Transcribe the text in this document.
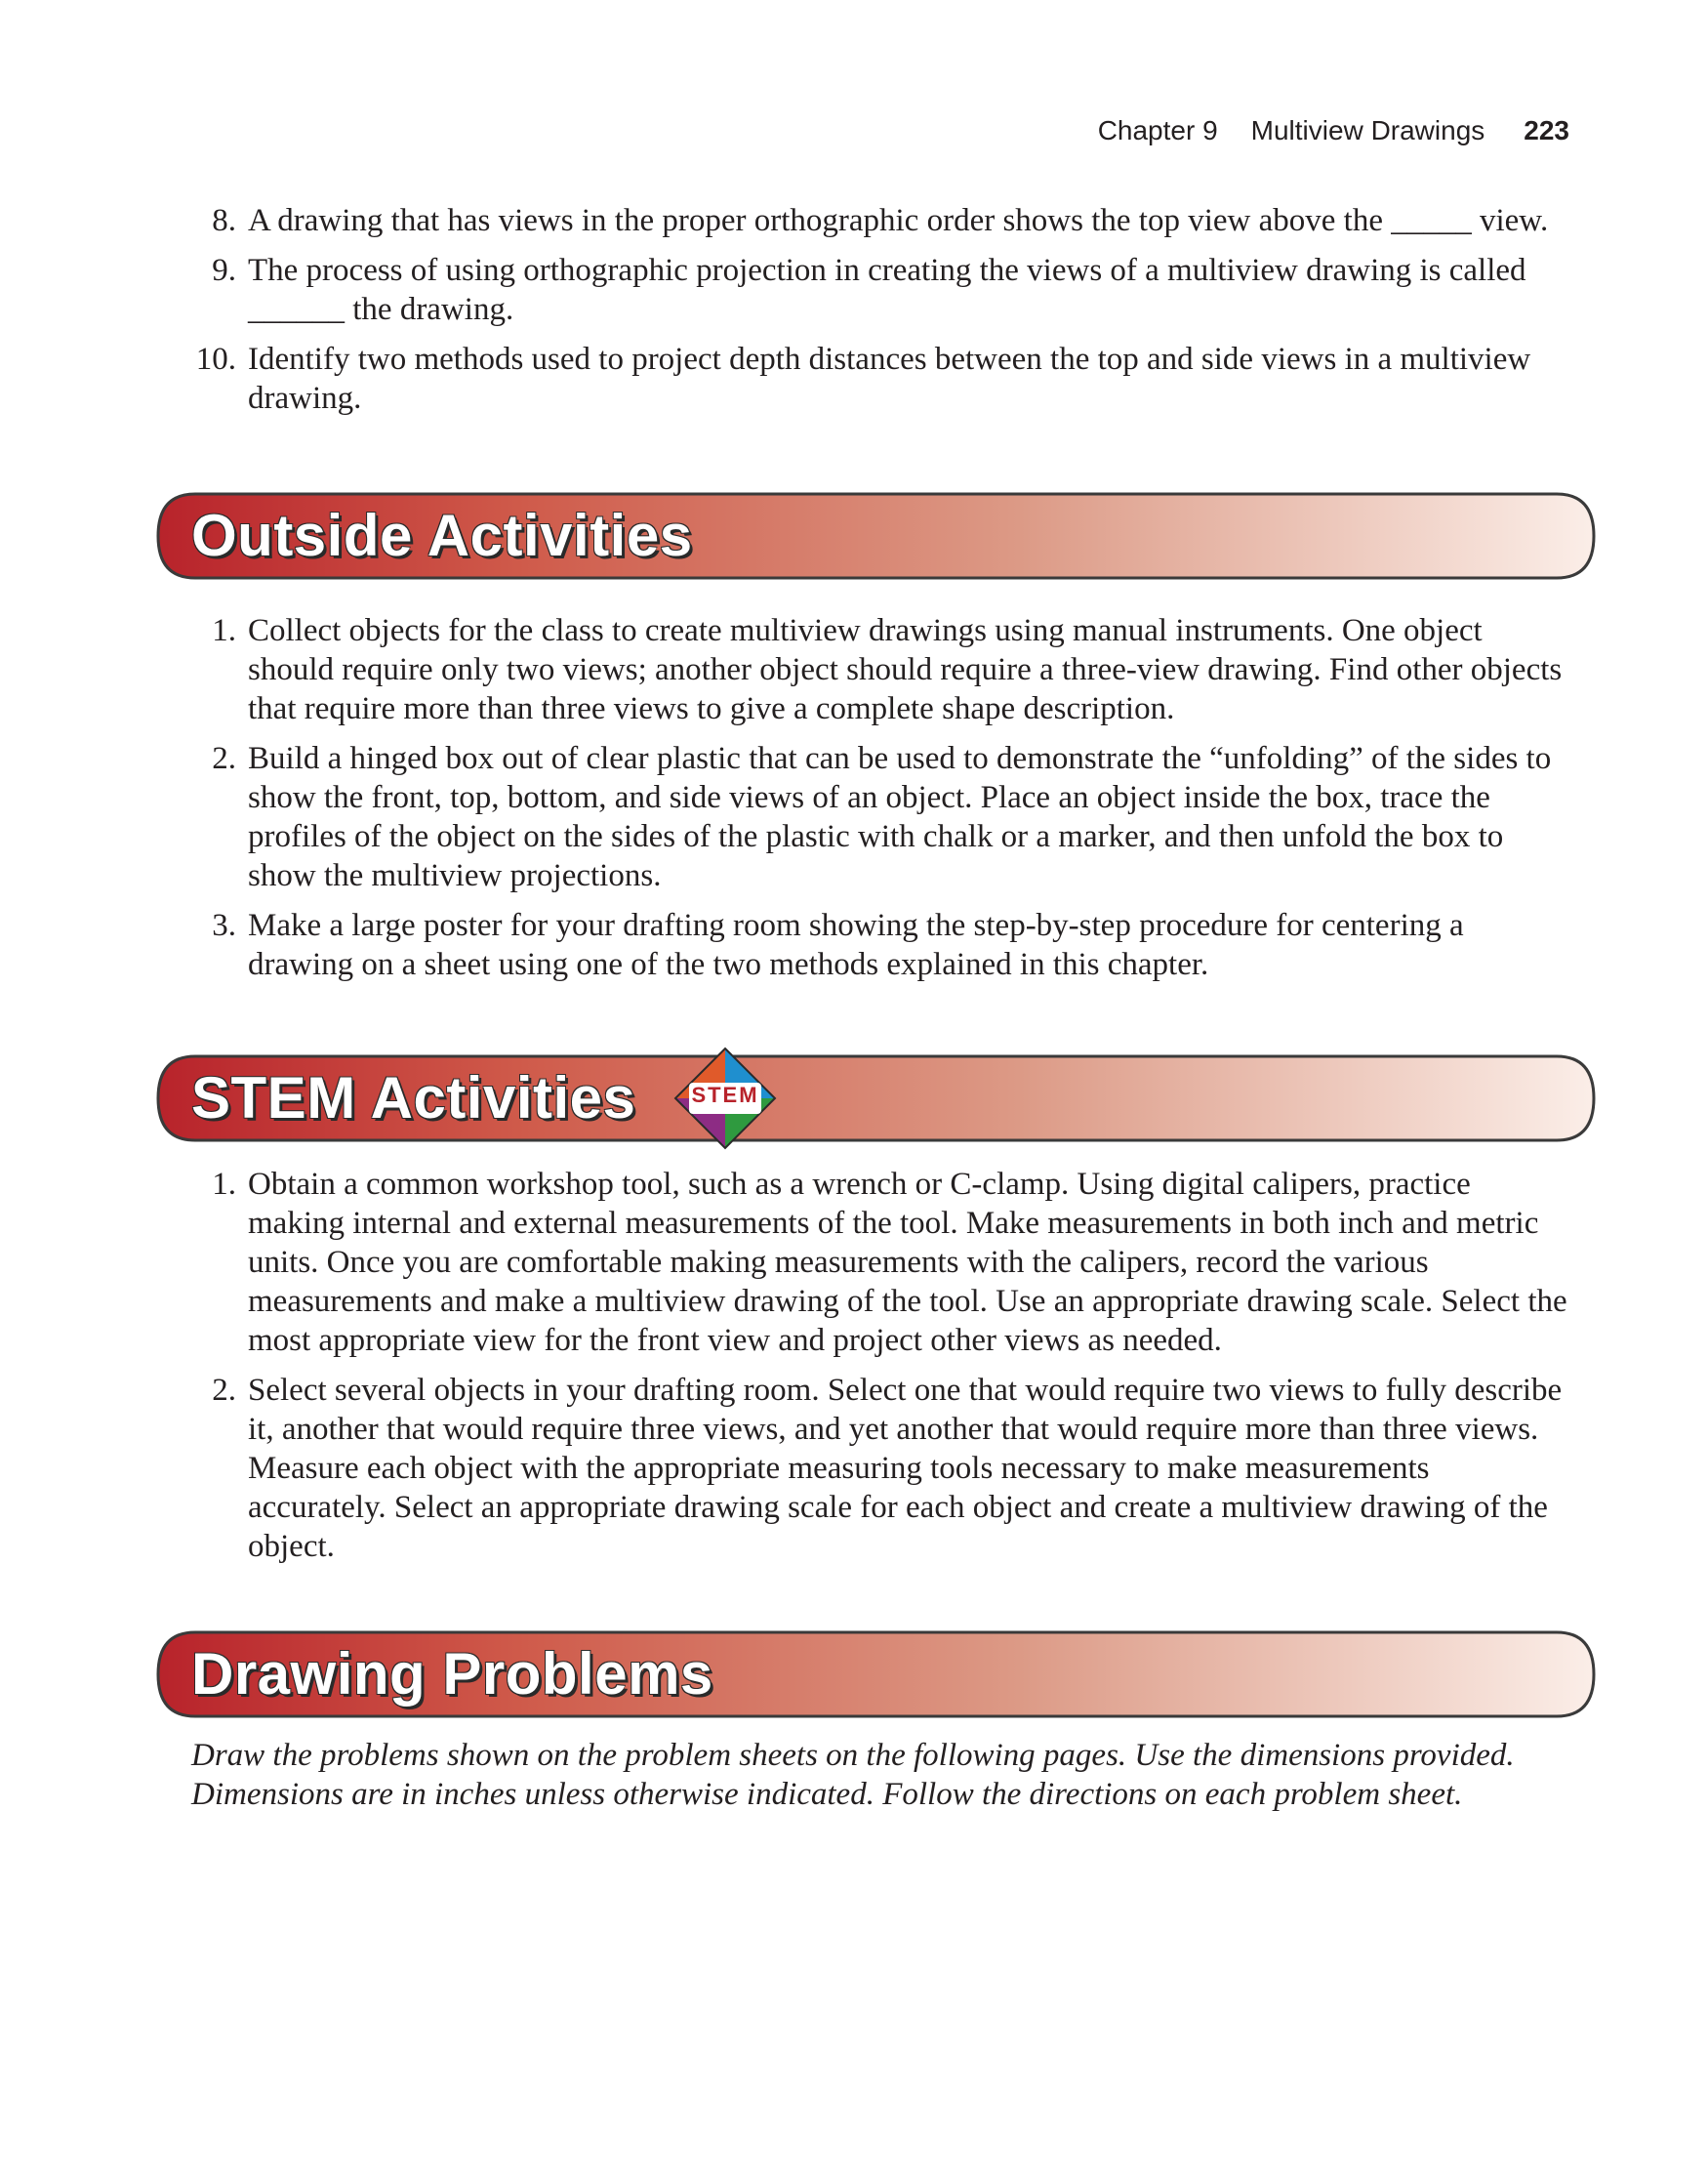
Chapter 9 Multiview Drawings 223
8. A drawing that has views in the proper orthographic order shows the top view above the _____ view.
9. The process of using orthographic projection in creating the views of a multiview drawing is called ______ the drawing.
10. Identify two methods used to project depth distances between the top and side views in a multiview drawing.
Outside Activities
1. Collect objects for the class to create multiview drawings using manual instruments. One object should require only two views; another object should require a three-view drawing. Find other objects that require more than three views to give a complete shape description.
2. Build a hinged box out of clear plastic that can be used to demonstrate the “unfolding” of the sides to show the front, top, bottom, and side views of an object. Place an object inside the box, trace the profiles of the object on the sides of the plastic with chalk or a marker, and then unfold the box to show the multiview projections.
3. Make a large poster for your drafting room showing the step-by-step procedure for centering a drawing on a sheet using one of the two methods explained in this chapter.
STEM Activities	STEM
1. Obtain a common workshop tool, such as a wrench or C-clamp. Using digital calipers, practice making internal and external measurements of the tool. Make measurements in both inch and metric units. Once you are comfortable making measurements with the calipers, record the various measurements and make a multiview drawing of the tool. Use an appropriate drawing scale. Select the most appropriate view for the front view and project other views as needed.
2. Select several objects in your drafting room. Select one that would require two views to fully describe it, another that would require three views, and yet another that would require more than three views. Measure each object with the appropriate measuring tools necessary to make measurements accurately. Select an appropriate drawing scale for each object and create a multiview drawing of the object.
Drawing Problems
Draw the problems shown on the problem sheets on the following pages. Use the dimensions provided. Dimensions are in inches unless otherwise indicated. Follow the directions on each problem sheet.
